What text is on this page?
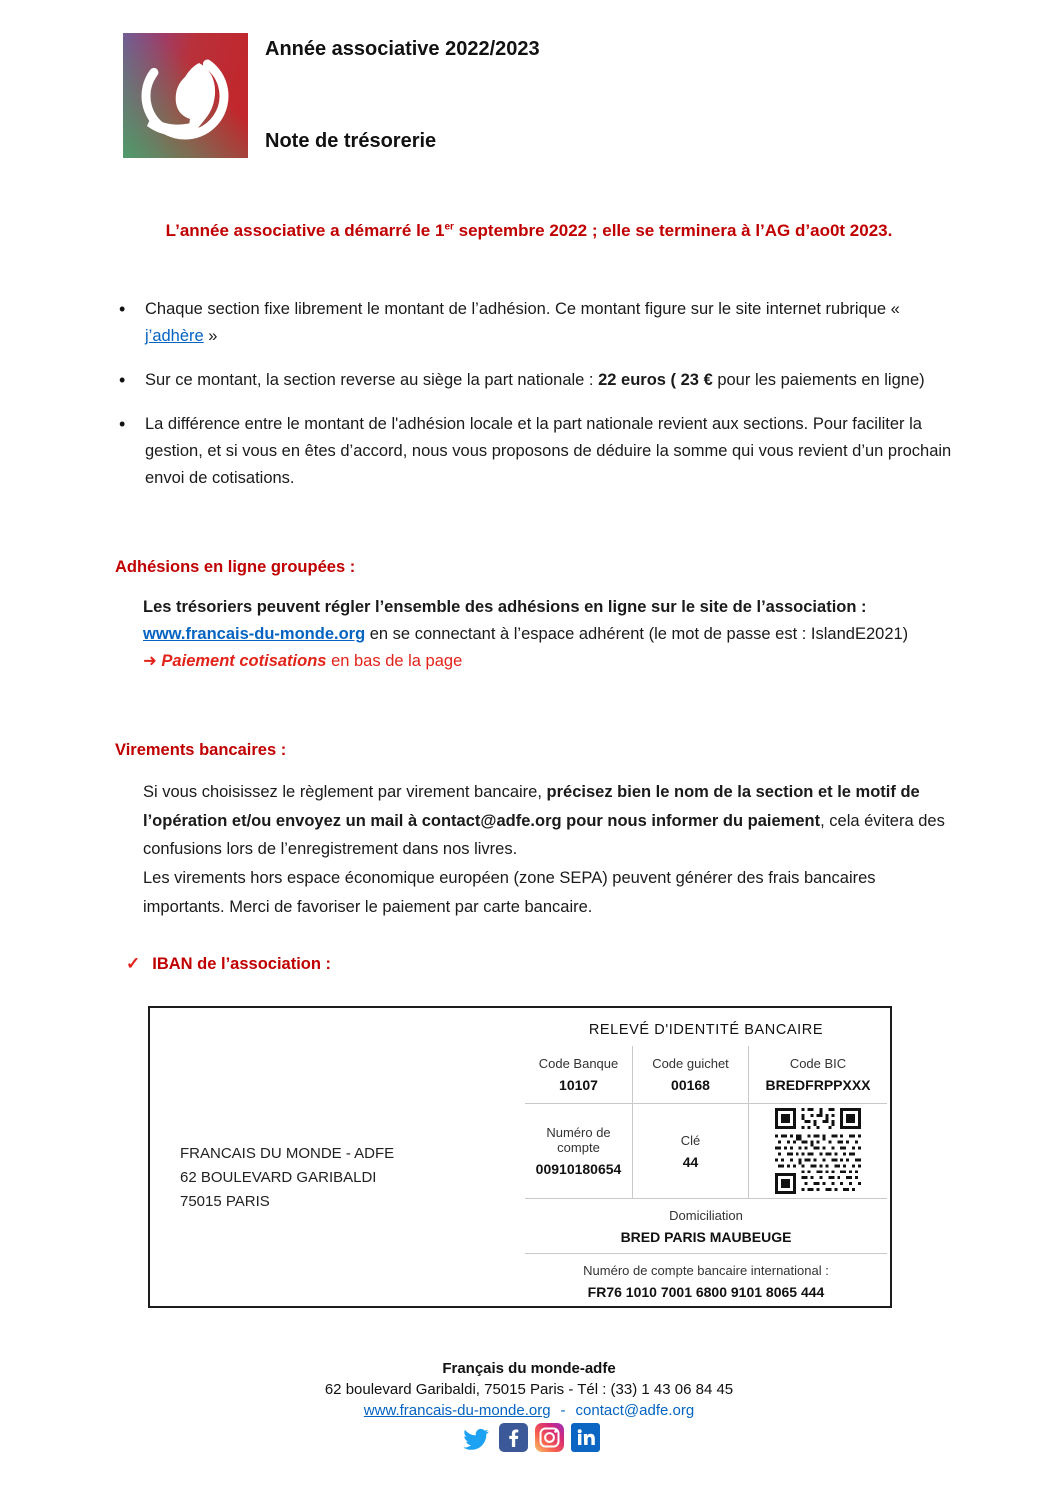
Année associative 2022/2023
Note de trésorerie
L’année associative a démarré le 1er septembre 2022 ; elle se terminera à l’AG d’ao0t 2023.
• Chaque section fixe librement le montant de l’adhésion. Ce montant figure sur le site internet rubrique « j’adhère »
• Sur ce montant, la section reverse au siège la part nationale : 22 euros ( 23 € pour les paiements en ligne)
• La différence entre le montant de l'adhésion locale et la part nationale revient aux sections. Pour faciliter la gestion, et si vous en êtes d’accord, nous vous proposons de déduire la somme qui vous revient d’un prochain envoi de cotisations.
Adhésions en ligne groupées :
Les trésoriers peuvent régler l’ensemble des adhésions en ligne sur le site de l’association : www.francais-du-monde.org en se connectant à l’espace adhérent (le mot de passe est : IslandE2021)
➜ Paiement cotisations en bas de la page
Virements bancaires :
Si vous choisissez le règlement par virement bancaire, précisez bien le nom de la section et le motif de l’opération et/ou envoyez un mail à contact@adfe.org pour nous informer du paiement, cela évitera des confusions lors de l’enregistrement dans nos livres.
Les virements hors espace économique européen (zone SEPA) peuvent générer des frais bancaires importants. Merci de favoriser le paiement par carte bancaire.
✓ IBAN de l’association :
FRANCAIS DU MONDE - ADFE
62 BOULEVARD GARIBALDI
75015 PARIS
RELEVÉ D'IDENTITÉ BANCAIRE
Code Banque
10107
Code guichet
00168
Code BIC
BREDFRPPXXX
Numéro de compte
00910180654
Clé
44
Domiciliation
BRED PARIS MAUBEUGE
Numéro de compte bancaire international :
FR76 1010 7001 6800 9101 8065 444
Français du monde-adfe
62 boulevard Garibaldi, 75015 Paris - Tél : (33) 1 43 06 84 45
www.francais-du-monde.org - contact@adfe.org
